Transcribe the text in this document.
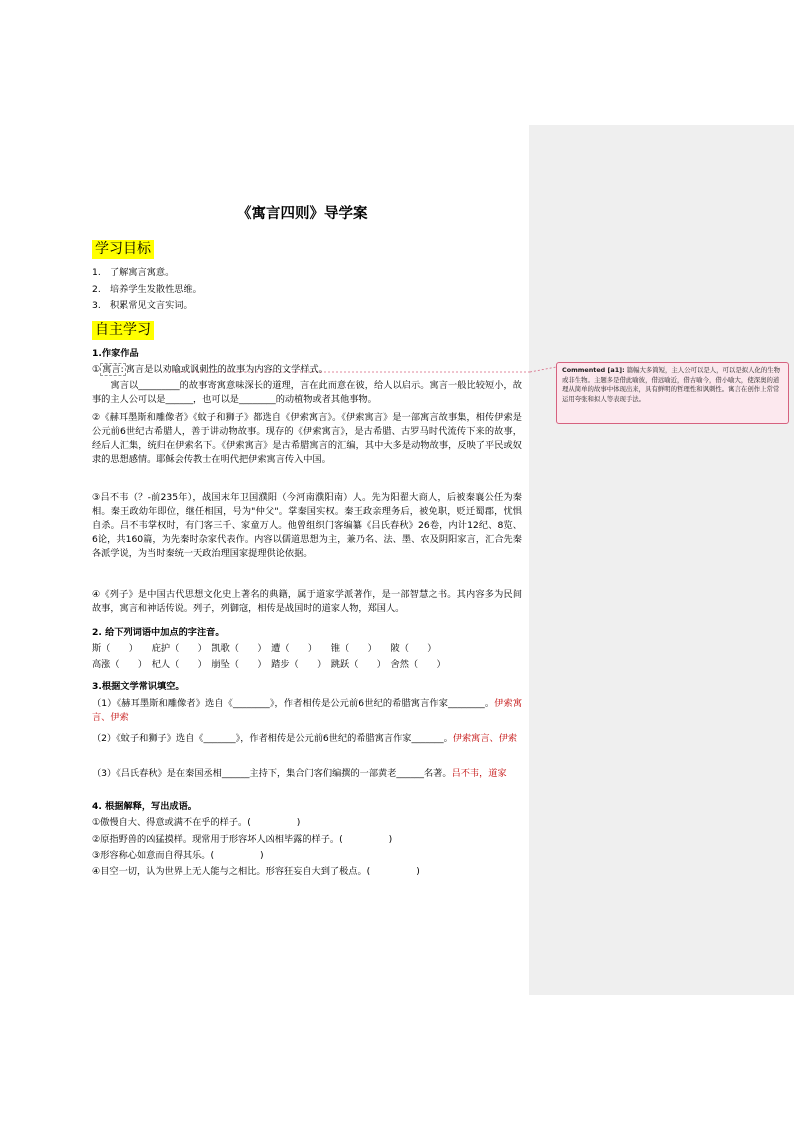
Commented [a1]: 篇幅大多简短，主人公可以是人，可以是拟人化的生物或非生物。主题多是借此喻彼，借远喻近，借古喻今，借小喻大，使深奥的道理从简单的故事中体现出来，具有鲜明的哲理性和讽刺性。寓言在创作上常常运用夸张和拟人等表现手法。
《寓言四则》导学案
学习目标
1.　了解寓言寓意。
2.　培养学生发散性思维。
3.　积累常见文言实词。
自主学习
1.作家作品
① 寓言: 寓言是以劝喻或讽刺性的故事为内容的文学样式。
　　寓言以_________的故事寄寓意味深长的道理，言在此而意在彼，给人以启示。寓言一般比较短小，故事的主人公可以是______，也可以是________的动植物或者其他事物。
②《赫耳墨斯和雕像者》《蚊子和狮子》都选自《伊索寓言》。《伊索寓言》是一部寓言故事集，相传伊索是公元前6世纪古希腊人，善于讲动物故事。现存的《伊索寓言》，是古希腊、古罗马时代流传下来的故事，经后人汇集，统归在伊索名下。《伊索寓言》是古希腊寓言的汇编，其中大多是动物故事，反映了平民或奴隶的思想感情。耶稣会传教士在明代把伊索寓言传入中国。
③吕不韦（？-前235年），战国末年卫国濮阳（今河南濮阳南）人。先为阳翟大商人，后被秦襄公任为秦相。秦王政幼年即位，继任相国，号为"仲父"。掌秦国实权。秦王政亲理务后，被免职，贬迁蜀郡，忧惧自杀。吕不韦掌权时，有门客三千、家童万人。他曾组织门客编纂《吕氏春秋》26卷，内计12纪、8览、6论，共160篇，为先秦时杂家代表作。内容以儒道思想为主，兼乃名、法、墨、农及阴阳家言，汇合先秦各派学说，为当时秦统一天政治理国家提理供论依据。
④《列子》是中国古代思想文化史上著名的典籍，属于道家学派著作，是一部智慧之书。其内容多为民间故事，寓言和神话传说。列子，列御寇，相传是战国时的道家人物，郑国人。
2. 给下列词语中加点的字注音。
斯（　　）　　庇护（　　）　凯歌（　　）　遭（　　）　　锥（　　）　　陂（　　）
高涨（　　）　杞人（　　）　崩坠（　　）　踏步（　　）　跳跃（　　）　舍然（　　）
3.根据文学常识填空。
（1）《赫耳墨斯和雕像者》选自《________》，作者相传是公元前6世纪的希腊寓言作家________。伊索寓言、伊索
（2）《蚊子和狮子》选自《_______》，作者相传是公元前6世纪的希腊寓言作家_______。伊索寓言、伊索
（3）《吕氏春秋》是在秦国丞相______主持下，集合门客们编撰的一部黄老______名著。吕不韦，道家
4. 根据解释，写出成语。
①傲慢自大、得意或满不在乎的样子。(　　　　　)
②原指野兽的凶猛摸样。现常用于形容坏人凶相毕露的样子。(　　　　　)
③形容称心如意而自得其乐。(　　　　　)
④目空一切，认为世界上无人能与之相比。形容狂妄自大到了极点。(　　　　　)
